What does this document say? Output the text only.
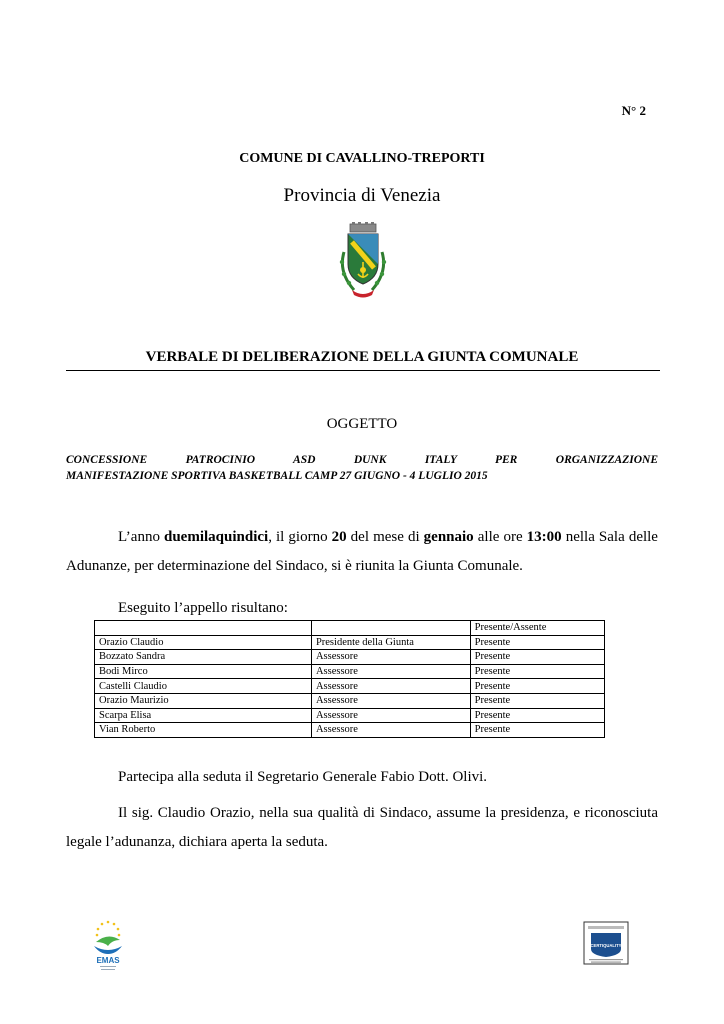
N° 2
COMUNE DI CAVALLINO-TREPORTI
Provincia di Venezia
VERBALE DI DELIBERAZIONE DELLA GIUNTA COMUNALE
OGGETTO
CONCESSIONE PATROCINIO ASD DUNK ITALY PER ORGANIZZAZIONE
MANIFESTAZIONE SPORTIVA BASKETBALL CAMP 27 GIUGNO - 4 LUGLIO 2015
L’anno duemilaquindici, il giorno 20 del mese di gennaio alle ore 13:00 nella Sala delle Adunanze, per determinazione del Sindaco, si è riunita la Giunta Comunale.
Eseguito l’appello risultano:
		Presente/Assente
Orazio Claudio	Presidente della Giunta	Presente
Bozzato Sandra	Assessore	Presente
Bodi Mirco	Assessore	Presente
Castelli Claudio	Assessore	Presente
Orazio Maurizio	Assessore	Presente
Scarpa Elisa	Assessore	Presente
Vian Roberto	Assessore	Presente
Partecipa alla seduta il Segretario Generale Fabio Dott. Olivi.
Il sig. Claudio Orazio, nella sua qualità di Sindaco, assume la presidenza, e riconosciuta legale l’adunanza, dichiara aperta la seduta.
EMAS
CERTIQUALITY
